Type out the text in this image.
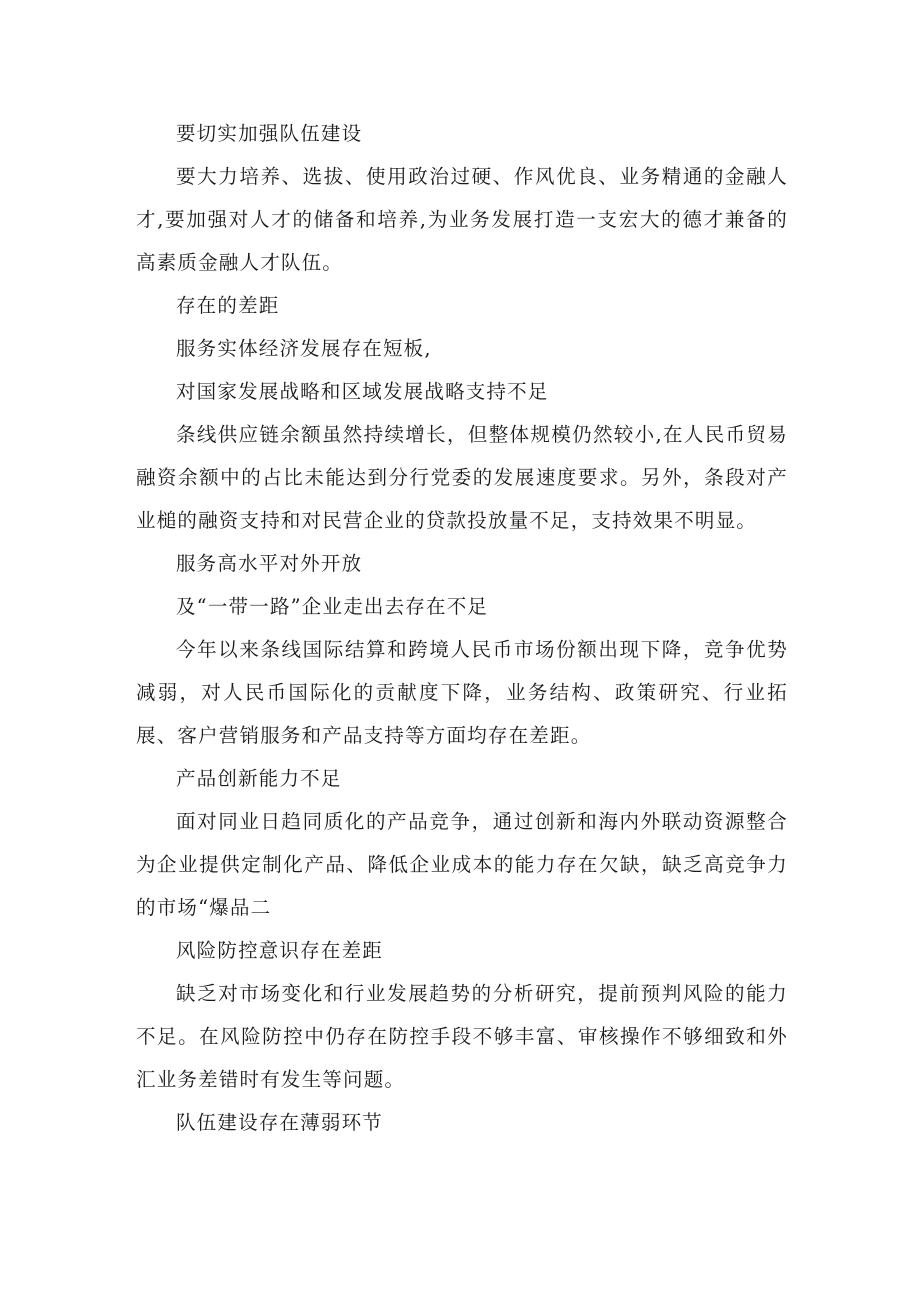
要切实加强队伍建设

要大力培养、选拔、使用政治过硬、作风优良、业务精通的金融人才,要加强对人才的储备和培养,为业务发展打造一支宏大的德才兼备的高素质金融人才队伍。

存在的差距

服务实体经济发展存在短板,

对国家发展战略和区域发展战略支持不足

条线供应链余额虽然持续增长，但整体规模仍然较小,在人民币贸易融资余额中的占比未能达到分行党委的发展速度要求。另外，条段对产业槌的融资支持和对民营企业的贷款投放量不足，支持效果不明显。

服务高水平对外开放

及“一带一路”企业走出去存在不足

今年以来条线国际结算和跨境人民币市场份额出现下降，竞争优势减弱，对人民币国际化的贡献度下降，业务结构、政策研究、行业拓展、客户营销服务和产品支持等方面均存在差距。

产品创新能力不足

面对同业日趋同质化的产品竞争，通过创新和海内外联动资源整合为企业提供定制化产品、降低企业成本的能力存在欠缺，缺乏高竞争力的市场“爆品二

风险防控意识存在差距

缺乏对市场变化和行业发展趋势的分析研究，提前预判风险的能力不足。在风险防控中仍存在防控手段不够丰富、审核操作不够细致和外汇业务差错时有发生等问题。

队伍建设存在薄弱环节
